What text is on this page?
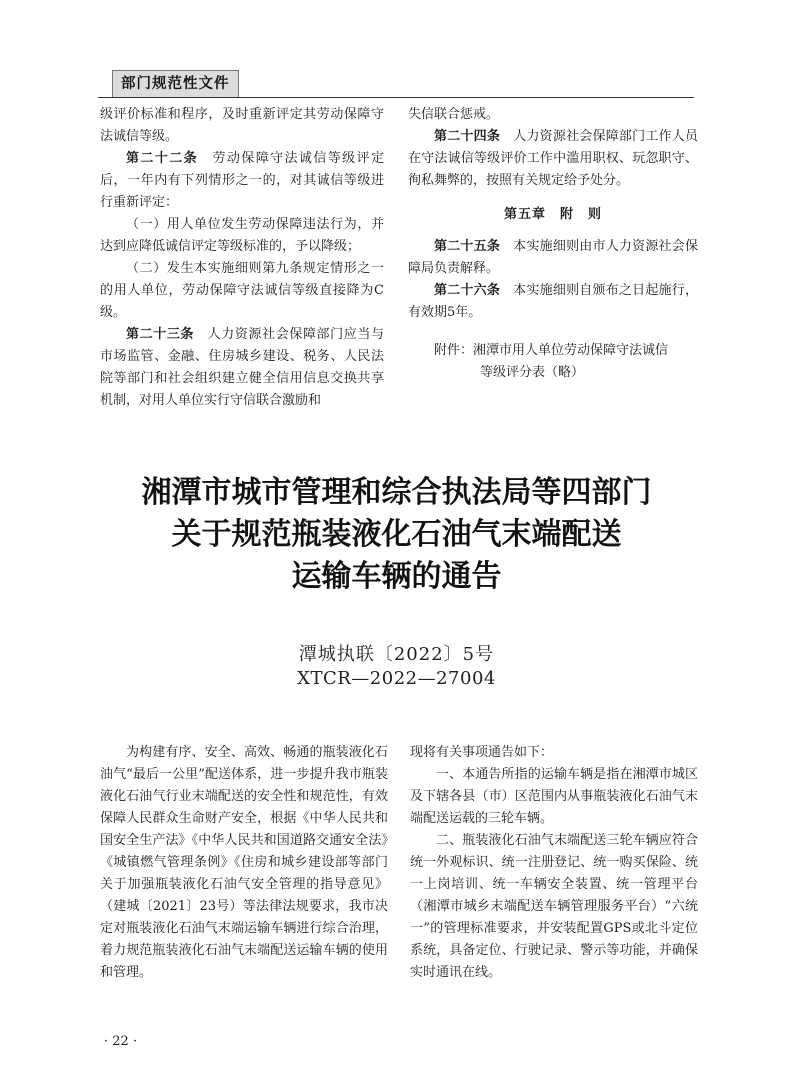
部门规范性文件

级评价标准和程序，及时重新评定其劳动保障守法诚信等级。

第二十二条　 劳动保障守法诚信等级评定后，一年内有下列情形之一的，对其诚信等级进行重新评定：

（一）用人单位发生劳动保障违法行为，并达到应降低诚信评定等级标准的，予以降级；

（二）发生本实施细则第九条规定情形之一的用人单位，劳动保障守法诚信等级直接降为C级。

第二十三条　 人力资源社会保障部门应当与市场监管、金融、住房城乡建设、税务、人民法院等部门和社会组织建立健全信用信息交换共享机制，对用人单位实行守信联合激励和

失信联合惩戒。

第二十四条　 人力资源社会保障部门工作人员在守法诚信等级评价工作中滥用职权、玩忽职守、徇私舞弊的，按照有关规定给予处分。

第五章　附　则

第二十五条　 本实施细则由市人力资源社会保障局负责解释。

第二十六条　 本实施细则自颁布之日起施行，有效期5年。

附件：湘潭市用人单位劳动保障守法诚信

等级评分表（略）

湘潭市城市管理和综合执法局等四部门
关于规范瓶装液化石油气末端配送
运输车辆的通告
潭城执联〔2022〕5号
XTCR—2022—27004

为构建有序、安全、高效、畅通的瓶装液化石油气“最后一公里”配送体系，进一步提升我市瓶装液化石油气行业末端配送的安全性和规范性，有效保障人民群众生命财产安全，根据《中华人民共和国安全生产法》《中华人民共和国道路交通安全法》《城镇燃气管理条例》《住房和城乡建设部等部门关于加强瓶装液化石油气安全管理的指导意见》（建城〔2021〕23号）等法律法规要求，我市决定对瓶装液化石油气末端运输车辆进行综合治理，着力规范瓶装液化石油气末端配送运输车辆的使用和管理。

现将有关事项通告如下：

一、本通告所指的运输车辆是指在湘潭市城区及下辖各县（市）区范围内从事瓶装液化石油气末端配送运载的三轮车辆。

二、瓶装液化石油气末端配送三轮车辆应符合统一外观标识、统一注册登记、统一购买保险、统一上岗培训、统一车辆安全装置、统一管理平台（湘潭市城乡末端配送车辆管理服务平台）“六统一”的管理标准要求，并安装配置GPS或北斗定位系统，具备定位、行驶记录、警示等功能，并确保实时通讯在线。

· 22 ·
